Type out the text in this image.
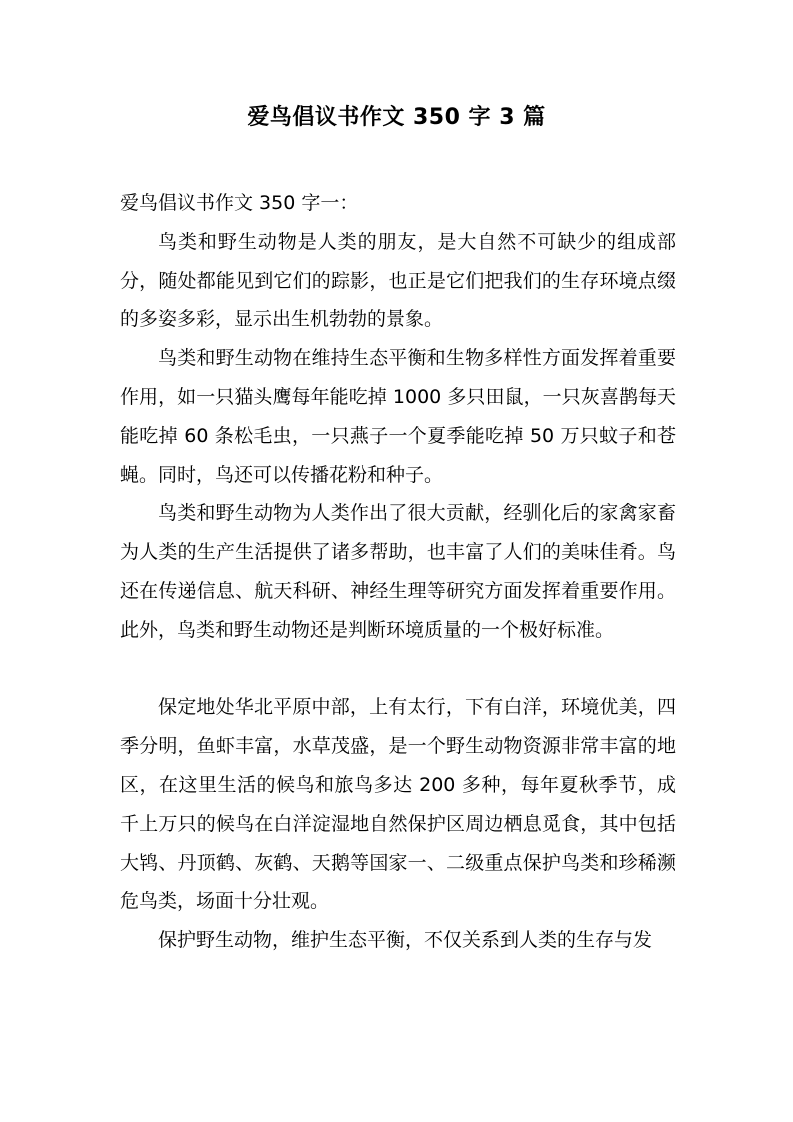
爱鸟倡议书作文 350 字 3 篇

爱鸟倡议书作文 350 字一：

鸟类和野生动物是人类的朋友，是大自然不可缺少的组成部分，随处都能见到它们的踪影，也正是它们把我们的生存环境点缀的多姿多彩，显示出生机勃勃的景象。

鸟类和野生动物在维持生态平衡和生物多样性方面发挥着重要作用，如一只猫头鹰每年能吃掉 1000 多只田鼠，一只灰喜鹊每天能吃掉 60 条松毛虫，一只燕子一个夏季能吃掉 50 万只蚊子和苍蝇。同时，鸟还可以传播花粉和种子。

鸟类和野生动物为人类作出了很大贡献，经驯化后的家禽家畜为人类的生产生活提供了诸多帮助，也丰富了人们的美味佳肴。鸟还在传递信息、航天科研、神经生理等研究方面发挥着重要作用。此外，鸟类和野生动物还是判断环境质量的一个极好标准。

保定地处华北平原中部，上有太行，下有白洋，环境优美，四季分明，鱼虾丰富，水草茂盛，是一个野生动物资源非常丰富的地区，在这里生活的候鸟和旅鸟多达 200 多种，每年夏秋季节，成千上万只的候鸟在白洋淀湿地自然保护区周边栖息觅食，其中包括大鸨、丹顶鹤、灰鹤、天鹅等国家一、二级重点保护鸟类和珍稀濒危鸟类，场面十分壮观。

保护野生动物，维护生态平衡，不仅关系到人类的生存与发
